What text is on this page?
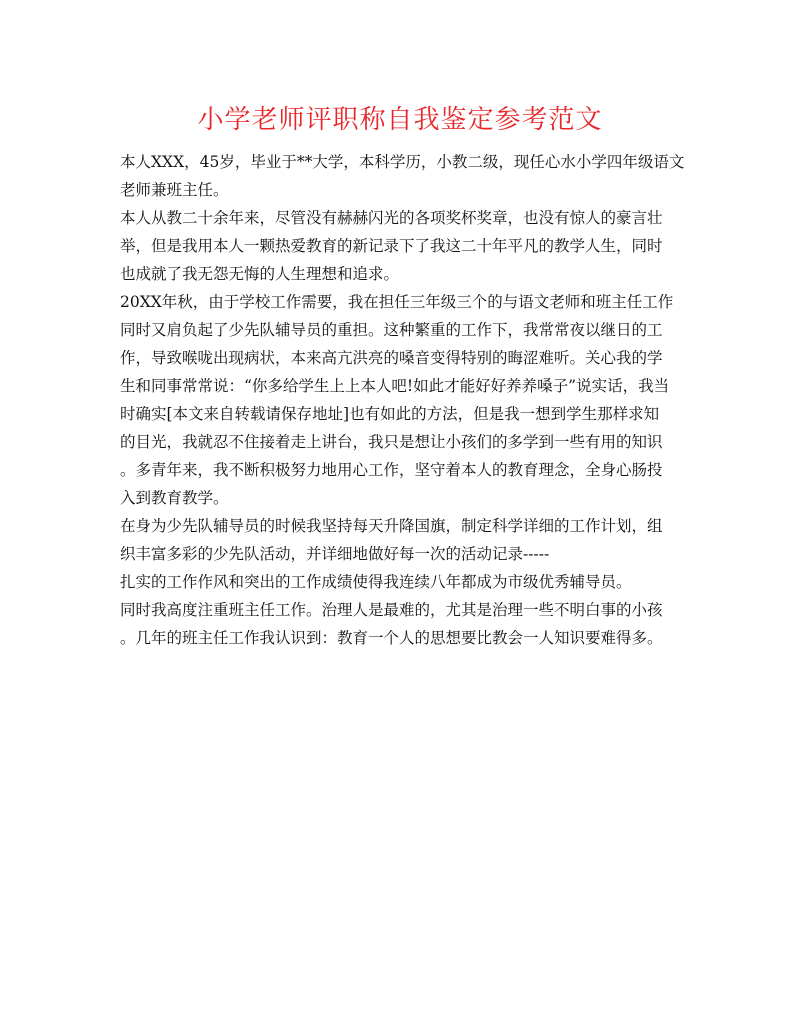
小学老师评职称自我鉴定参考范文
本人XXX，45岁，毕业于**大学，本科学历，小教二级，现任心水小学四年级语文
老师兼班主任。
本人从教二十余年来，尽管没有赫赫闪光的各项奖杯奖章，也没有惊人的豪言壮
举，但是我用本人一颗热爱教育的新记录下了我这二十年平凡的教学人生，同时
也成就了我无怨无悔的人生理想和追求。
20XX年秋，由于学校工作需要，我在担任三年级三个的与语文老师和班主任工作
同时又肩负起了少先队辅导员的重担。这种繁重的工作下，我常常夜以继日的工
作，导致喉咙出现病状，本来高亢洪亮的嗓音变得特别的晦涩难听。关心我的学
生和同事常常说：“你多给学生上上本人吧!如此才能好好养养嗓子”说实话，我当
时确实[本文来自转载请保存地址]也有如此的方法，但是我一想到学生那样求知
的目光，我就忍不住接着走上讲台，我只是想让小孩们的多学到一些有用的知识
。多青年来，我不断积极努力地用心工作，坚守着本人的教育理念，全身心肠投
入到教育教学。
在身为少先队辅导员的时候我坚持每天升降国旗，制定科学详细的工作计划，组
织丰富多彩的少先队活动，并详细地做好每一次的活动记录-----
扎实的工作作风和突出的工作成绩使得我连续八年都成为市级优秀辅导员。
同时我高度注重班主任工作。治理人是最难的，尤其是治理一些不明白事的小孩
。几年的班主任工作我认识到：教育一个人的思想要比教会一人知识要难得多。
